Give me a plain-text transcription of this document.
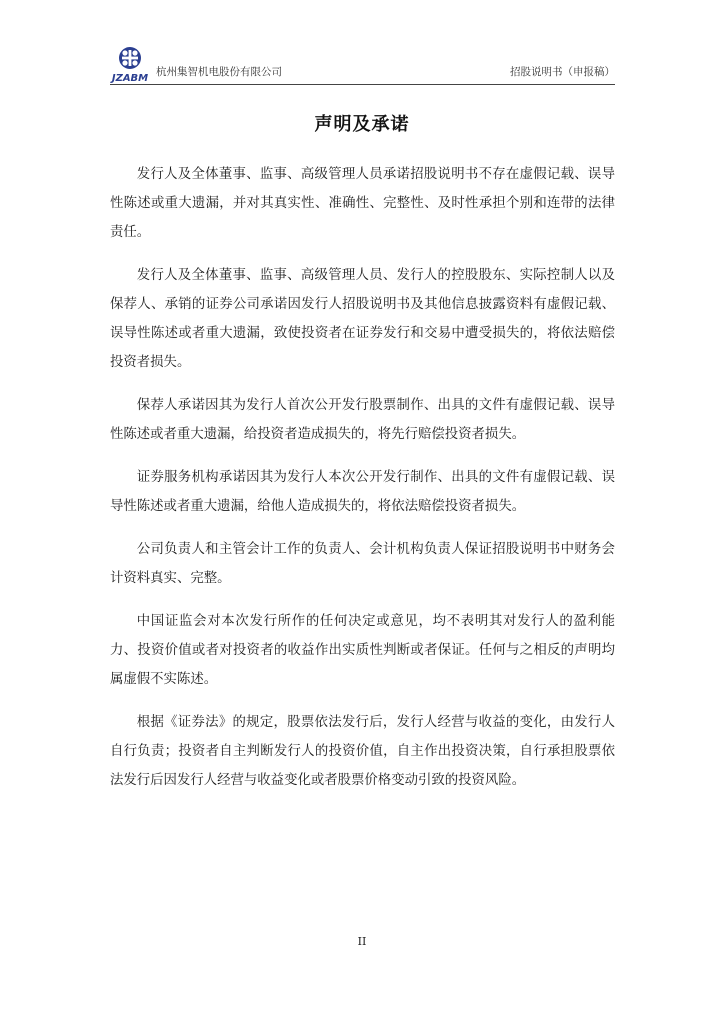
JZABM
杭州集智机电股份有限公司	招股说明书（申报稿）
声明及承诺

发行人及全体董事、监事、高级管理人员承诺招股说明书不存在虚假记载、误导性陈述或重大遗漏，并对其真实性、准确性、完整性、及时性承担个别和连带的法律责任。

发行人及全体董事、监事、高级管理人员、发行人的控股股东、实际控制人以及保荐人、承销的证券公司承诺因发行人招股说明书及其他信息披露资料有虚假记载、误导性陈述或者重大遗漏，致使投资者在证券发行和交易中遭受损失的，将依法赔偿投资者损失。

保荐人承诺因其为发行人首次公开发行股票制作、出具的文件有虚假记载、误导性陈述或者重大遗漏，给投资者造成损失的，将先行赔偿投资者损失。

证券服务机构承诺因其为发行人本次公开发行制作、出具的文件有虚假记载、误导性陈述或者重大遗漏，给他人造成损失的，将依法赔偿投资者损失。

公司负责人和主管会计工作的负责人、会计机构负责人保证招股说明书中财务会计资料真实、完整。

中国证监会对本次发行所作的任何决定或意见，均不表明其对发行人的盈利能力、投资价值或者对投资者的收益作出实质性判断或者保证。任何与之相反的声明均属虚假不实陈述。

根据《证券法》的规定，股票依法发行后，发行人经营与收益的变化，由发行人自行负责；投资者自主判断发行人的投资价值，自主作出投资决策，自行承担股票依法发行后因发行人经营与收益变化或者股票价格变动引致的投资风险。

II
